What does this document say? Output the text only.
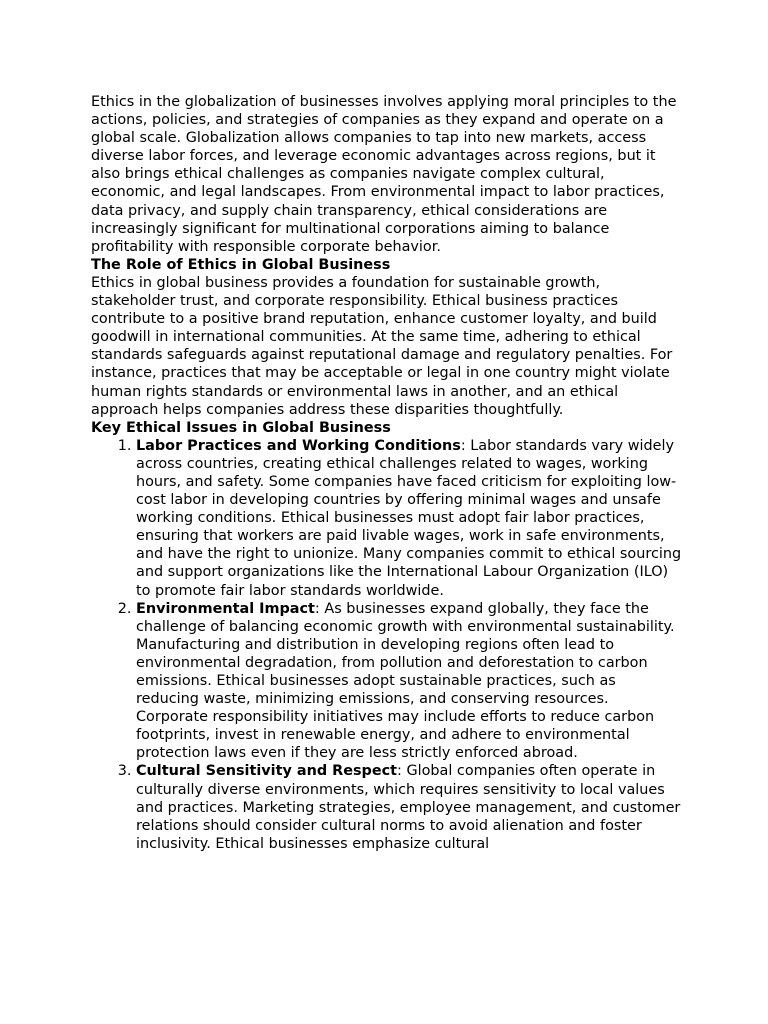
Ethics in the globalization of businesses involves applying moral principles to the actions, policies, and strategies of companies as they expand and operate on a global scale. Globalization allows companies to tap into new markets, access diverse labor forces, and leverage economic advantages across regions, but it also brings ethical challenges as companies navigate complex cultural, economic, and legal landscapes. From environmental impact to labor practices, data privacy, and supply chain transparency, ethical considerations are increasingly significant for multinational corporations aiming to balance profitability with responsible corporate behavior.

The Role of Ethics in Global Business

Ethics in global business provides a foundation for sustainable growth, stakeholder trust, and corporate responsibility. Ethical business practices contribute to a positive brand reputation, enhance customer loyalty, and build goodwill in international communities. At the same time, adhering to ethical standards safeguards against reputational damage and regulatory penalties. For instance, practices that may be acceptable or legal in one country might violate human rights standards or environmental laws in another, and an ethical approach helps companies address these disparities thoughtfully.

Key Ethical Issues in Global Business
1. Labor Practices and Working Conditions: Labor standards vary widely across countries, creating ethical challenges related to wages, working hours, and safety. Some companies have faced criticism for exploiting low-cost labor in developing countries by offering minimal wages and unsafe working conditions. Ethical businesses must adopt fair labor practices, ensuring that workers are paid livable wages, work in safe environments, and have the right to unionize. Many companies commit to ethical sourcing and support organizations like the International Labour Organization (ILO) to promote fair labor standards worldwide.
2. Environmental Impact: As businesses expand globally, they face the challenge of balancing economic growth with environmental sustainability. Manufacturing and distribution in developing regions often lead to environmental degradation, from pollution and deforestation to carbon emissions. Ethical businesses adopt sustainable practices, such as reducing waste, minimizing emissions, and conserving resources. Corporate responsibility initiatives may include efforts to reduce carbon footprints, invest in renewable energy, and adhere to environmental protection laws even if they are less strictly enforced abroad.
3. Cultural Sensitivity and Respect: Global companies often operate in culturally diverse environments, which requires sensitivity to local values and practices. Marketing strategies, employee management, and customer relations should consider cultural norms to avoid alienation and foster inclusivity. Ethical businesses emphasize cultural
